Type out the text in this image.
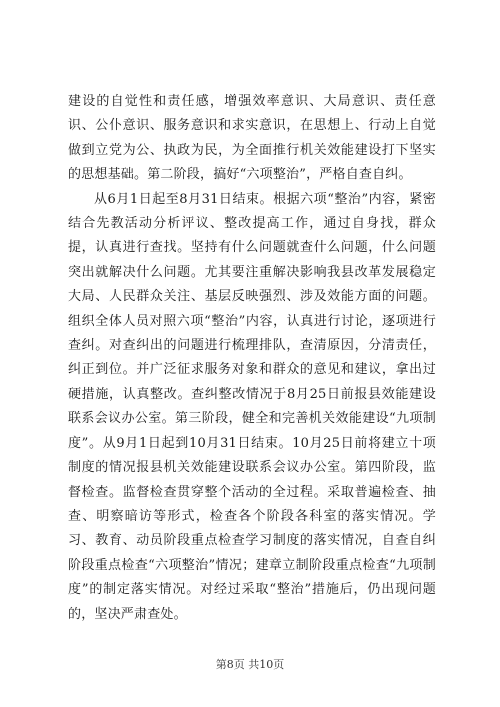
建设的自觉性和责任感，增强效率意识、大局意识、责任意识、公仆意识、服务意识和求实意识，在思想上、行动上自觉做到立党为公、执政为民，为全面推行机关效能建设打下坚实的思想基础。第二阶段，搞好“六项整治”，严格自查自纠。

从6月1日起至8月31日结束。根据六项“整治”内容，紧密结合先教活动分析评议、整改提高工作，通过自身找，群众提，认真进行查找。坚持有什么问题就查什么问题，什么问题突出就解决什么问题。尤其要注重解决影响我县改革发展稳定大局、人民群众关注、基层反映强烈、涉及效能方面的问题。组织全体人员对照六项“整治”内容，认真进行讨论，逐项进行查纠。对查纠出的问题进行梳理排队，查清原因，分清责任，纠正到位。并广泛征求服务对象和群众的意见和建议，拿出过硬措施，认真整改。查纠整改情况于8月25日前报县效能建设联系会议办公室。第三阶段，健全和完善机关效能建设“九项制度”。从9月1日起到10月31日结束。10月25日前将建立十项制度的情况报县机关效能建设联系会议办公室。第四阶段，监督检查。监督检查贯穿整个活动的全过程。采取普遍检查、抽查、明察暗访等形式，检查各个阶段各科室的落实情况。学习、教育、动员阶段重点检查学习制度的落实情况，自查自纠阶段重点检查“六项整治”情况；建章立制阶段重点检查“九项制度”的制定落实情况。对经过采取“整治”措施后，仍出现问题的，坚决严肃查处。

第8页 共10页
